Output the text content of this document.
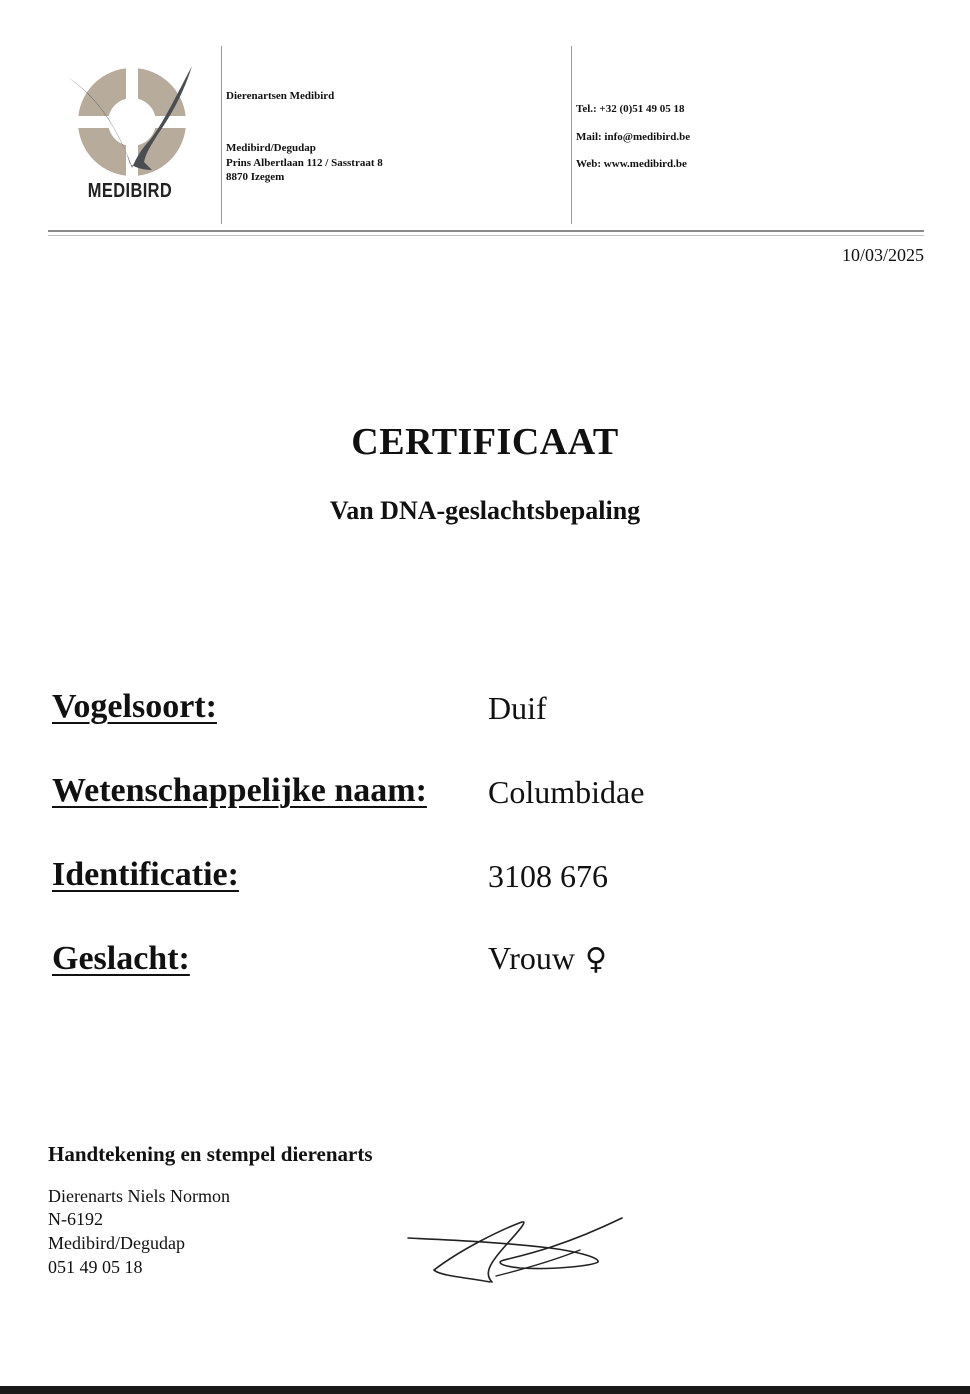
MEDIBIRD
Dierenartsen Medibird
Medibird/Degudap
Prins Albertlaan 112 / Sasstraat 8
8870 Izegem
Tel.: +32 (0)51 49 05 18
Mail: info@medibird.be
Web: www.medibird.be
10/03/2025
CERTIFICAAT
Van DNA-geslachtsbepaling
Vogelsoort:	Duif
Wetenschappelijke naam: Columbidae
Identificatie:	3108 676
Geslacht:	Vrouw ♀
Handtekening en stempel dierenarts
Dierenarts Niels Normon
N-6192
Medibird/Degudap
051 49 05 18
